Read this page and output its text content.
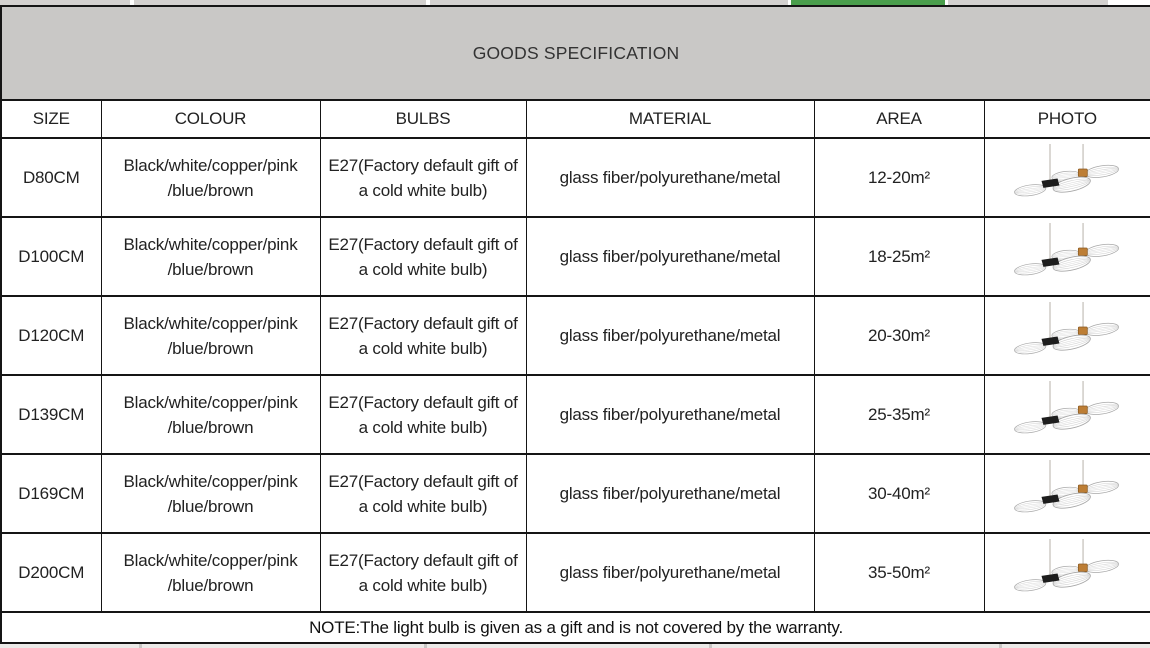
GOODS SPECIFICATION					
SIZE	COLOUR	BULBS	MATERIAL	AREA	PHOTO
D80CM	Black/white/copper/pink /blue/brown	E27(Factory default gift of a cold white bulb)	glass fiber/polyurethane/metal	12-20m²	

D100CM	Black/white/copper/pink /blue/brown	E27(Factory default gift of a cold white bulb)	glass fiber/polyurethane/metal	18-25m²	

D120CM	Black/white/copper/pink /blue/brown	E27(Factory default gift of a cold white bulb)	glass fiber/polyurethane/metal	20-30m²	

D139CM	Black/white/copper/pink /blue/brown	E27(Factory default gift of a cold white bulb)	glass fiber/polyurethane/metal	25-35m²	

D169CM	Black/white/copper/pink /blue/brown	E27(Factory default gift of a cold white bulb)	glass fiber/polyurethane/metal	30-40m²	

D200CM	Black/white/copper/pink /blue/brown	E27(Factory default gift of a cold white bulb)	glass fiber/polyurethane/metal	35-50m²	

NOTE:The light bulb is given as a gift and is not covered by the warranty.					
